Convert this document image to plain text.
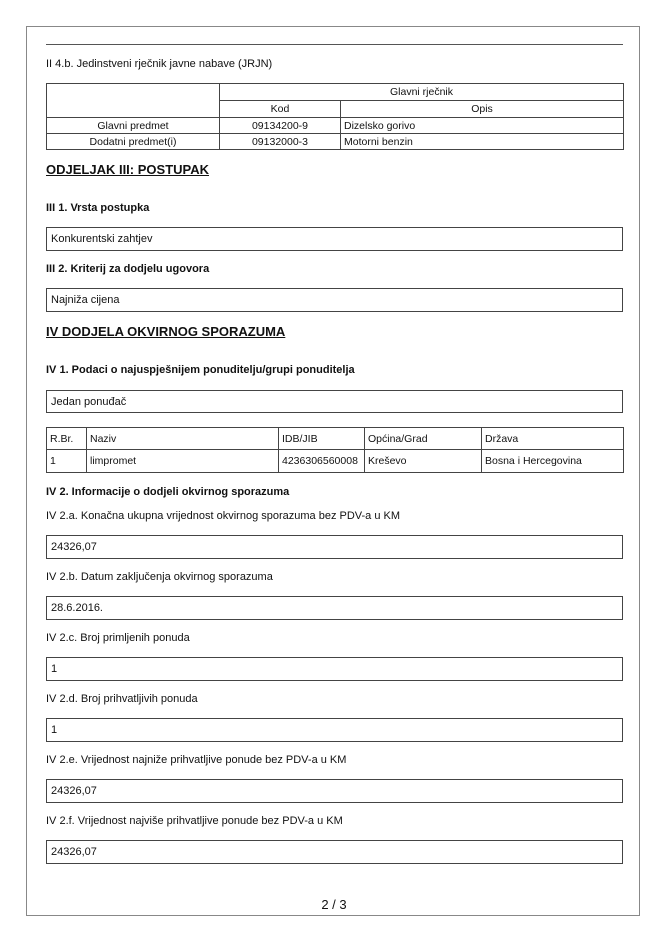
II 4.b. Jedinstveni rječnik javne nabave (JRJN)
	Glavni rječnik	
	Kod	Opis
Glavni predmet	09134200-9	Dizelsko gorivo
Dodatni predmet(i)	09132000-3	Motorni benzin
ODJELJAK III: POSTUPAK
III 1. Vrsta postupka
Konkurentski zahtjev
III 2. Kriterij za dodjelu ugovora
Najniža cijena
IV DODJELA OKVIRNOG SPORAZUMA
IV 1. Podaci o najuspješnijem ponuditelju/grupi ponuditelja
Jedan ponuđač
R.Br.	Naziv	IDB/JIB	Općina/Grad	Država
1	limpromet	4236306560008	Kreševo	Bosna i Hercegovina
IV 2. Informacije o dodjeli okvirnog sporazuma
IV 2.a. Konačna ukupna vrijednost okvirnog sporazuma bez PDV-a u KM
24326,07
IV 2.b. Datum zaključenja okvirnog sporazuma
28.6.2016.
IV 2.c. Broj primljenih ponuda
1
IV 2.d. Broj prihvatljivih ponuda
1
IV 2.e. Vrijednost najniže prihvatljive ponude bez PDV-a u KM
24326,07
IV 2.f. Vrijednost najviše prihvatljive ponude bez PDV-a u KM
24326,07
2 / 3
